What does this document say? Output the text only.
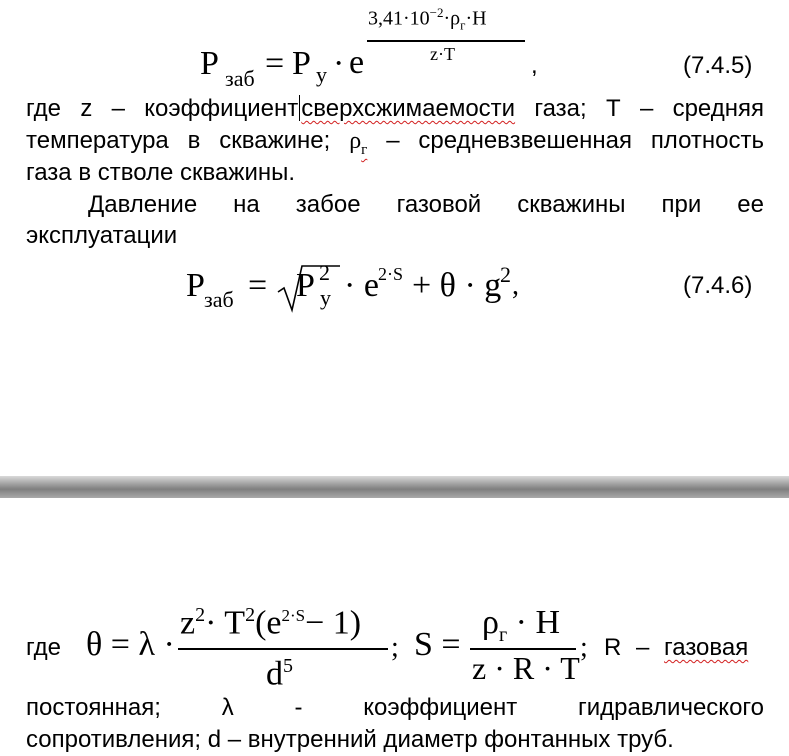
P заб = P у · e
$3,41\cdot 10^{-2}\cdot\rho_г\cdot H$
z·T	,	(7.4.5)
где z – коэффициент сверхсжимаемости газа; Т – средняя
температура в скважине; $\rho_г$ – средневзвешенная плотность
газа в стволе скважины.
Давление на забое газовой скважины при ее
эксплуатации
P заб = P 2
у · e 2·S + θ · g
2 ,	(7.4.6)
где θ = λ ·
$z^2\cdot T^2(e^{2\cdot S}- 1)$
$d^5$
; S =
$\rho_г \cdot H$
z · R · T
; R – газовая
постоянная; λ - коэффициент гидравлического
сопротивления; d – внутренний диаметр фонтанных труб.
